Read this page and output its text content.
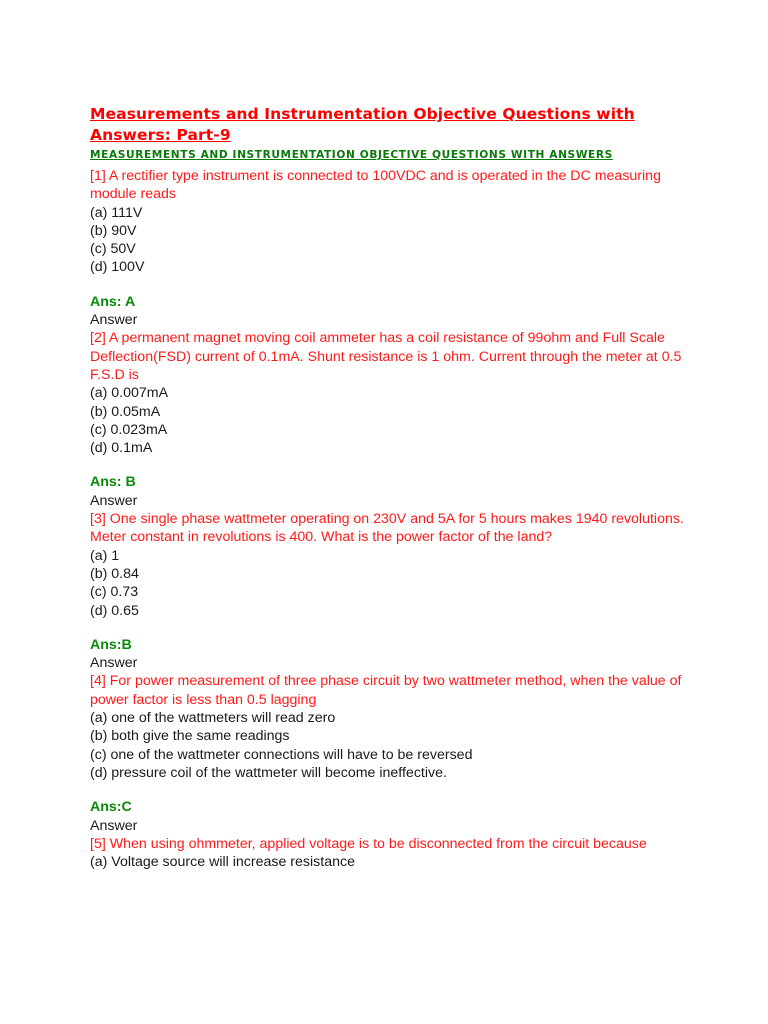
Measurements and Instrumentation Objective Questions with Answers: Part-9
MEASUREMENTS AND INSTRUMENTATION OBJECTIVE QUESTIONS WITH ANSWERS
[1] A rectifier type instrument is connected to 100VDC and is operated in the DC measuring module reads
(a) 111V
(b) 90V
(c) 50V
(d) 100V
Ans: A
Answer
[2] A permanent magnet moving coil ammeter has a coil resistance of 99ohm and Full Scale Deflection(FSD) current of 0.1mA. Shunt resistance is 1 ohm. Current through the meter at 0.5 F.S.D is
(a) 0.007mA
(b) 0.05mA
(c) 0.023mA
(d) 0.1mA
Ans: B
Answer
[3] One single phase wattmeter operating on 230V and 5A for 5 hours makes 1940 revolutions. Meter constant in revolutions is 400. What is the power factor of the land?
(a) 1
(b) 0.84
(c) 0.73
(d) 0.65
Ans:B
Answer
[4] For power measurement of three phase circuit by two wattmeter method, when the value of power factor is less than 0.5 lagging
(a) one of the wattmeters will read zero
(b) both give the same readings
(c) one of the wattmeter connections will have to be reversed
(d) pressure coil of the wattmeter will become ineffective.
Ans:C
Answer
[5] When using ohmmeter, applied voltage is to be disconnected from the circuit because
(a) Voltage source will increase resistance
